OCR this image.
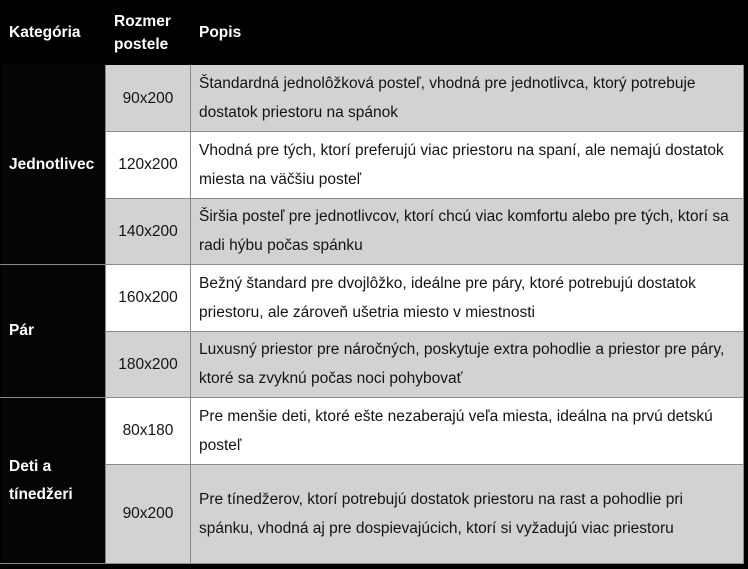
Kategória	Rozmer postele	Popis
Jednotlivec	90x200	Štandardná jednolôžková posteľ, vhodná pre jednotlivca, ktorý potrebuje dostatok priestoru na spánok
	120x200	Vhodná pre tých, ktorí preferujú viac priestoru na spaní, ale nemajú dostatok miesta na väčšiu posteľ
	140x200	Širšia posteľ pre jednotlivcov, ktorí chcú viac komfortu alebo pre tých, ktorí sa radi hýbu počas spánku
Pár	160x200	Bežný štandard pre dvojlôžko, ideálne pre páry, ktoré potrebujú dostatok priestoru, ale zároveň ušetria miesto v miestnosti
	180x200	Luxusný priestor pre náročných, poskytuje extra pohodlie a priestor pre páry, ktoré sa zvyknú počas noci pohybovať
Deti a tínedžeri	80x180	Pre menšie deti, ktoré ešte nezaberajú veľa miesta, ideálna na prvú detskú posteľ
	90x200	Pre tínedžerov, ktorí potrebujú dostatok priestoru na rast a pohodlie pri spánku, vhodná aj pre dospievajúcich, ktorí si vyžadujú viac priestoru
